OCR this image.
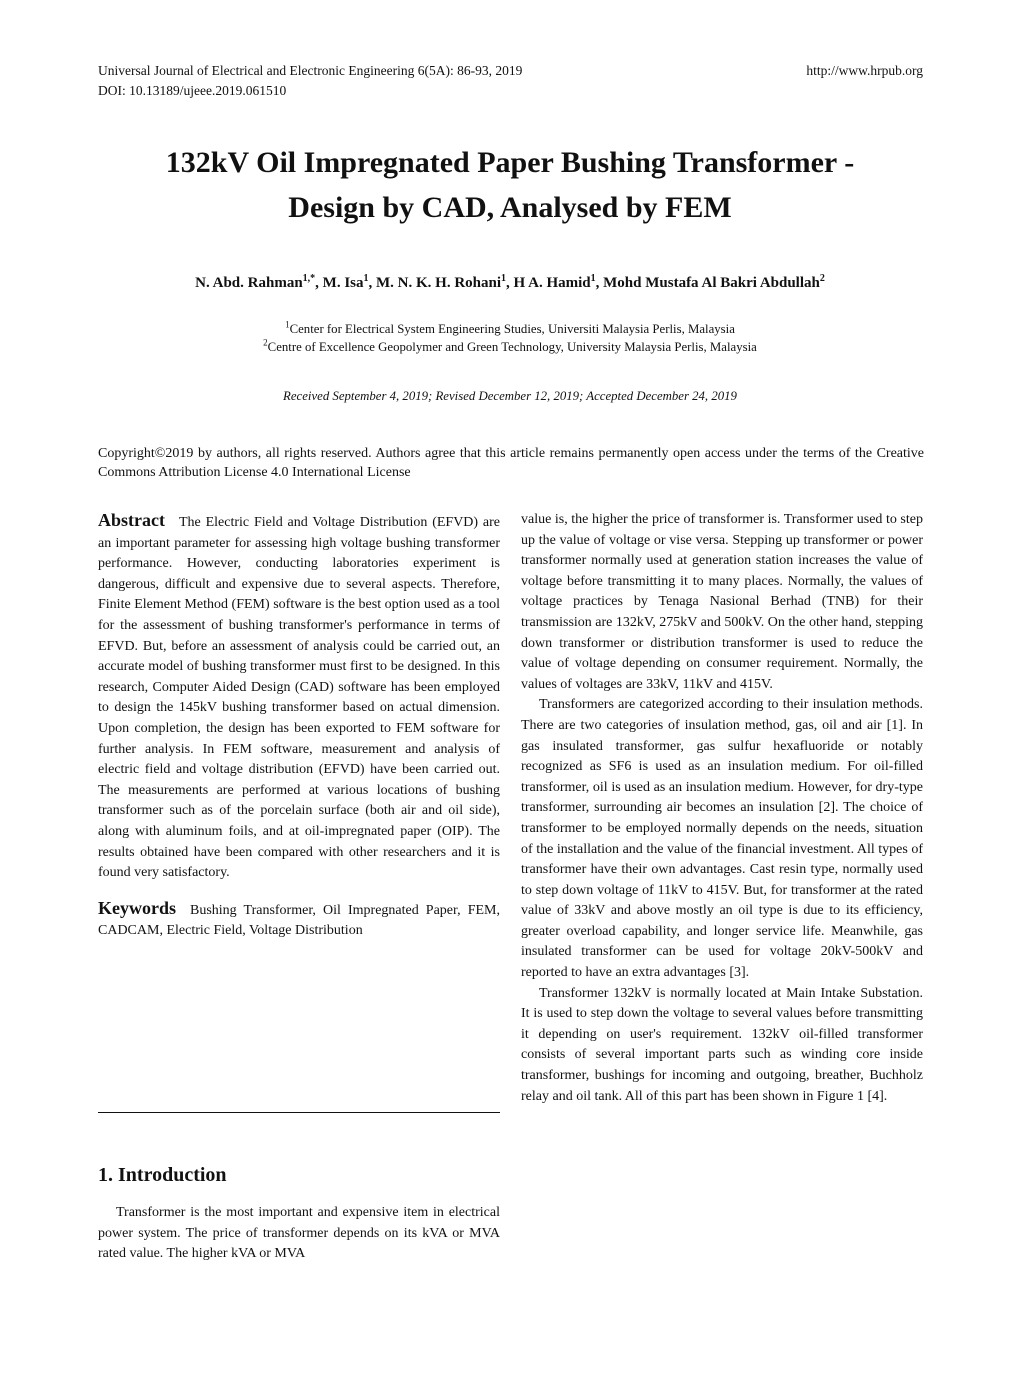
Universal Journal of Electrical and Electronic Engineering 6(5A): 86-93, 2019	http://www.hrpub.org
DOI: 10.13189/ujeee.2019.061510
132kV Oil Impregnated Paper Bushing Transformer -
Design by CAD, Analysed by FEM
N. Abd. Rahman$^{1,*}$, M. Isa$^1$, M. N. K. H. Rohani$^1$, H A. Hamid$^1$, Mohd Mustafa Al Bakri Abdullah$^2$
$^1$Center for Electrical System Engineering Studies, Universiti Malaysia Perlis, Malaysia
$^2$Centre of Excellence Geopolymer and Green Technology, University Malaysia Perlis, Malaysia
Received September 4, 2019; Revised December 12, 2019; Accepted December 24, 2019
Copyright©2019 by authors, all rights reserved. Authors agree that this article remains permanently open access under the terms of the Creative Commons Attribution License 4.0 International License

Abstract The Electric Field and Voltage Distribution (EFVD) are an important parameter for assessing high voltage bushing transformer performance. However, conducting laboratories experiment is dangerous, difficult and expensive due to several aspects. Therefore, Finite Element Method (FEM) software is the best option used as a tool for the assessment of bushing transformer's performance in terms of EFVD. But, before an assessment of analysis could be carried out, an accurate model of bushing transformer must first to be designed. In this research, Computer Aided Design (CAD) software has been employed to design the 145kV bushing transformer based on actual dimension. Upon completion, the design has been exported to FEM software for further analysis. In FEM software, measurement and analysis of electric field and voltage distribution (EFVD) have been carried out. The measurements are performed at various locations of bushing transformer such as of the porcelain surface (both air and oil side), along with aluminum foils, and at oil-impregnated paper (OIP). The results obtained have been compared with other researchers and it is found very satisfactory.

Keywords Bushing Transformer, Oil Impregnated Paper, FEM, CADCAM, Electric Field, Voltage Distribution

1. Introduction

Transformer is the most important and expensive item in electrical power system. The price of transformer depends on its kVA or MVA rated value. The higher kVA or MVA

value is, the higher the price of transformer is. Transformer used to step up the value of voltage or vise versa. Stepping up transformer or power transformer normally used at generation station increases the value of voltage before transmitting it to many places. Normally, the values of voltage practices by Tenaga Nasional Berhad (TNB) for their transmission are 132kV, 275kV and 500kV. On the other hand, stepping down transformer or distribution transformer is used to reduce the value of voltage depending on consumer requirement. Normally, the values of voltages are 33kV, 11kV and 415V.

Transformers are categorized according to their insulation methods. There are two categories of insulation method, gas, oil and air [1]. In gas insulated transformer, gas sulfur hexafluoride or notably recognized as SF6 is used as an insulation medium. For oil-filled transformer, oil is used as an insulation medium. However, for dry-type transformer, surrounding air becomes an insulation [2]. The choice of transformer to be employed normally depends on the needs, situation of the installation and the value of the financial investment. All types of transformer have their own advantages. Cast resin type, normally used to step down voltage of 11kV to 415V. But, for transformer at the rated value of 33kV and above mostly an oil type is due to its efficiency, greater overload capability, and longer service life. Meanwhile, gas insulated transformer can be used for voltage 20kV-500kV and reported to have an extra advantages [3].

Transformer 132kV is normally located at Main Intake Substation. It is used to step down the voltage to several values before transmitting it depending on user's requirement. 132kV oil-filled transformer consists of several important parts such as winding core inside transformer, bushings for incoming and outgoing, breather, Buchholz relay and oil tank. All of this part has been shown in Figure 1 [4].
